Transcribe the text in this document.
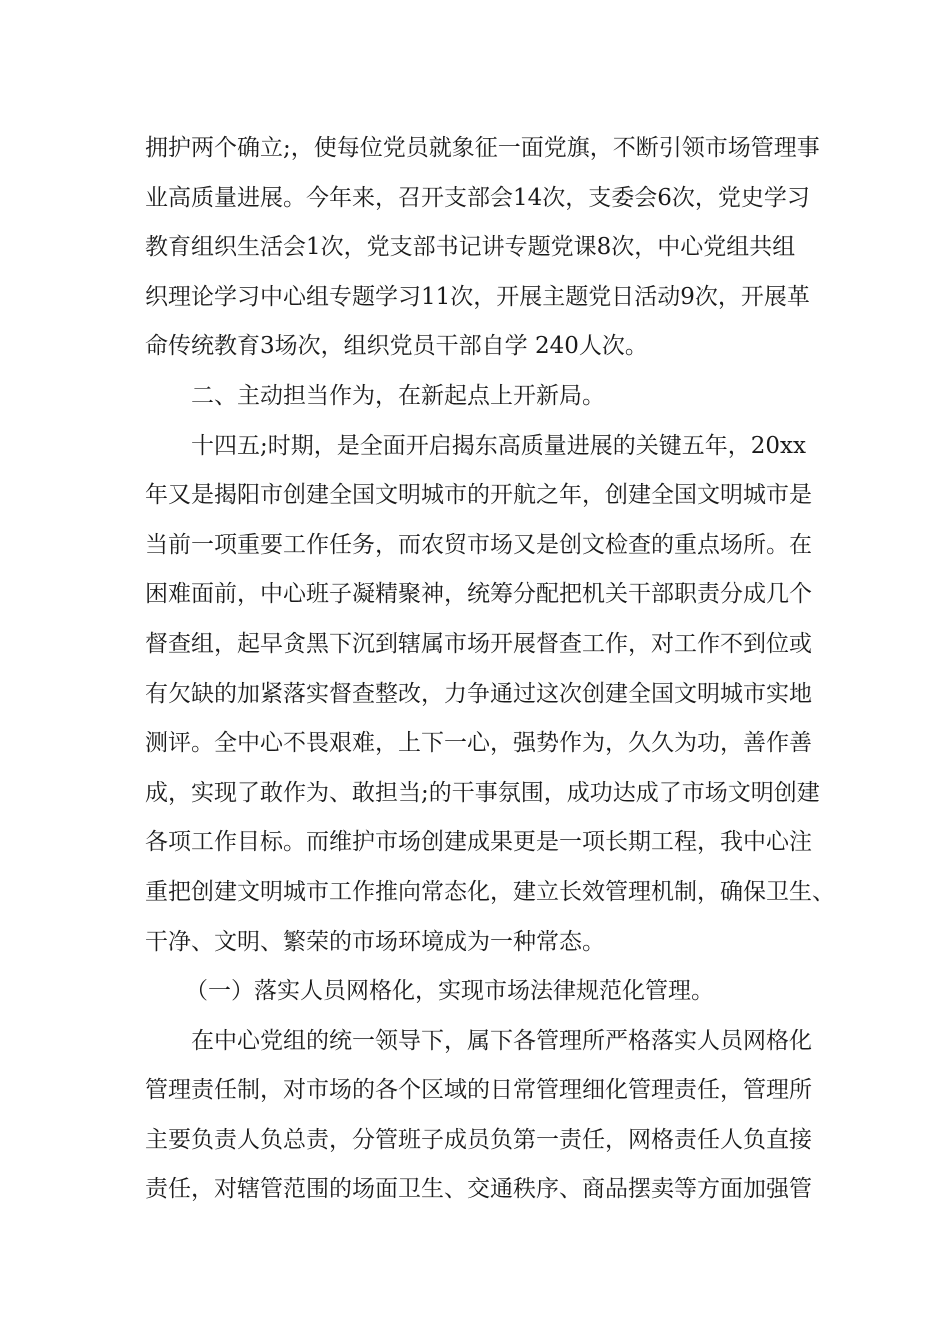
拥护两个确立;，使每位党员就象征一面党旗，不断引领市场管理事
业高质量进展。今年来，召开支部会14次，支委会6次，党史学习
教育组织生活会1次，党支部书记讲专题党课8次，中心党组共组
织理论学习中心组专题学习11次，开展主题党日活动9次，开展革
命传统教育3场次，组织党员干部自学 240人次。
二、主动担当作为，在新起点上开新局。
十四五;时期，是全面开启揭东高质量进展的关键五年，20xx
年又是揭阳市创建全国文明城市的开航之年，创建全国文明城市是
当前一项重要工作任务，而农贸市场又是创文检查的重点场所。在
困难面前，中心班子凝精聚神，统筹分配把机关干部职责分成几个
督查组，起早贪黑下沉到辖属市场开展督查工作，对工作不到位或
有欠缺的加紧落实督查整改，力争通过这次创建全国文明城市实地
测评。全中心不畏艰难，上下一心，强势作为，久久为功，善作善
成，实现了敢作为、敢担当;的干事氛围，成功达成了市场文明创建
各项工作目标。而维护市场创建成果更是一项长期工程，我中心注
重把创建文明城市工作推向常态化，建立长效管理机制，确保卫生、
干净、文明、繁荣的市场环境成为一种常态。
（一）落实人员网格化，实现市场法律规范化管理。
在中心党组的统一领导下，属下各管理所严格落实人员网格化
管理责任制，对市场的各个区域的日常管理细化管理责任，管理所
主要负责人负总责，分管班子成员负第一责任，网格责任人负直接
责任，对辖管范围的场面卫生、交通秩序、商品摆卖等方面加强管
